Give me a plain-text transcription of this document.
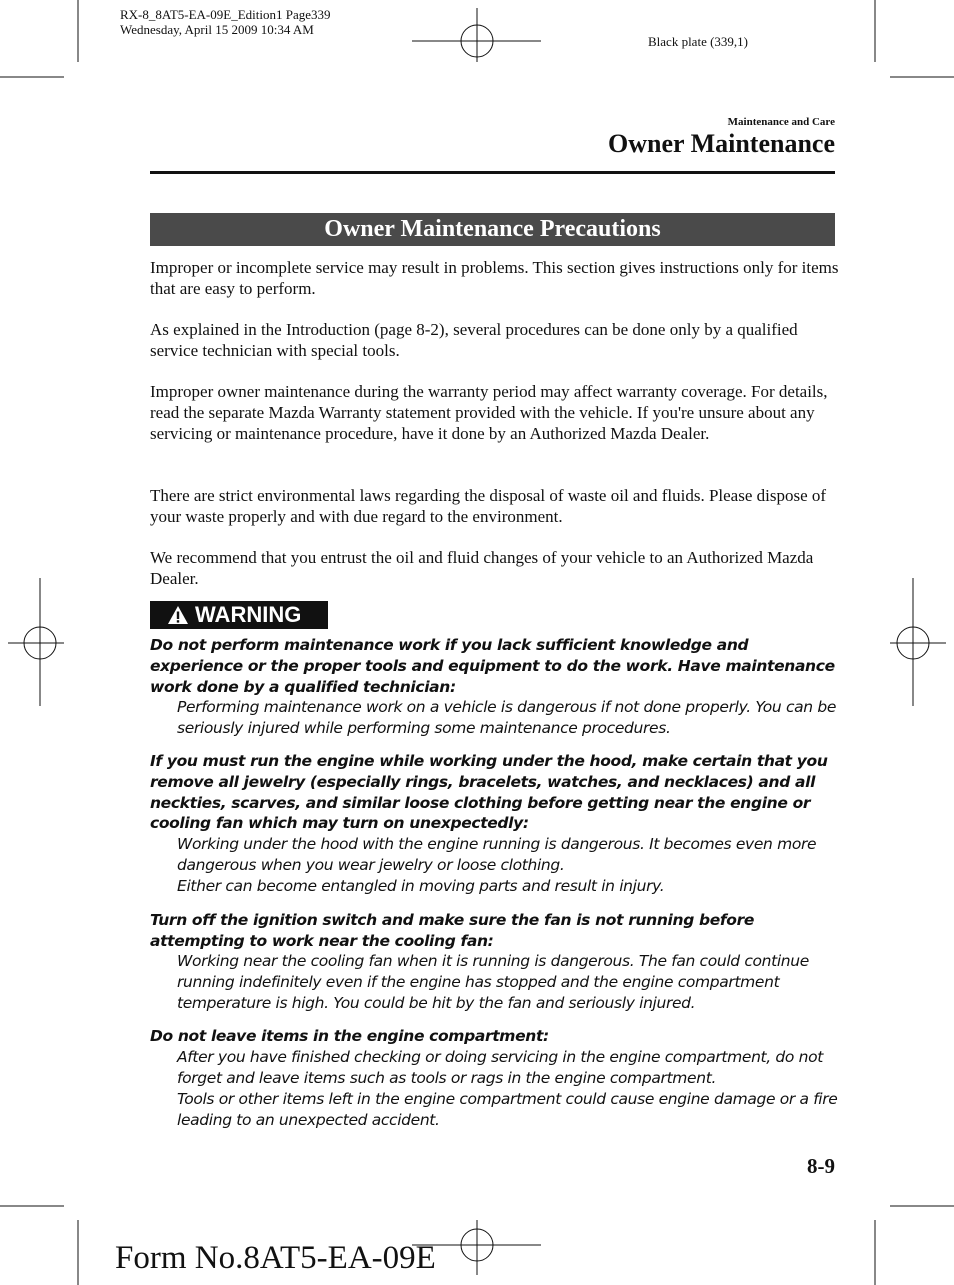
RX-8_8AT5-EA-09E_Edition1 Page339
Wednesday, April 15 2009 10:34 AM
Black plate (339,1)
Maintenance and Care
Owner Maintenance
Owner Maintenance Precautions

Improper or incomplete service may result in problems. This section gives instructions only for items that are easy to perform.

As explained in the Introduction (page 8-2), several procedures can be done only by a qualified service technician with special tools.

Improper owner maintenance during the warranty period may affect warranty coverage. For details, read the separate Mazda Warranty statement provided with the vehicle. If you're unsure about any servicing or maintenance procedure, have it done by an Authorized Mazda Dealer.

There are strict environmental laws regarding the disposal of waste oil and fluids. Please dispose of your waste properly and with due regard to the environment.

We recommend that you entrust the oil and fluid changes of your vehicle to an Authorized Mazda Dealer.

WARNING

Do not perform maintenance work if you lack sufficient knowledge and experience or the proper tools and equipment to do the work. Have maintenance work done by a qualified technician:

Performing maintenance work on a vehicle is dangerous if not done properly. You can be seriously injured while performing some maintenance procedures.

If you must run the engine while working under the hood, make certain that you remove all jewelry (especially rings, bracelets, watches, and necklaces) and all neckties, scarves, and similar loose clothing before getting near the engine or cooling fan which may turn on unexpectedly:

Working under the hood with the engine running is dangerous. It becomes even more dangerous when you wear jewelry or loose clothing.

Either can become entangled in moving parts and result in injury.

Turn off the ignition switch and make sure the fan is not running before attempting to work near the cooling fan:

Working near the cooling fan when it is running is dangerous. The fan could continue running indefinitely even if the engine has stopped and the engine compartment temperature is high. You could be hit by the fan and seriously injured.

Do not leave items in the engine compartment:

After you have finished checking or doing servicing in the engine compartment, do not forget and leave items such as tools or rags in the engine compartment.

Tools or other items left in the engine compartment could cause engine damage or a fire leading to an unexpected accident.

8-9
Form No.8AT5-EA-09E
